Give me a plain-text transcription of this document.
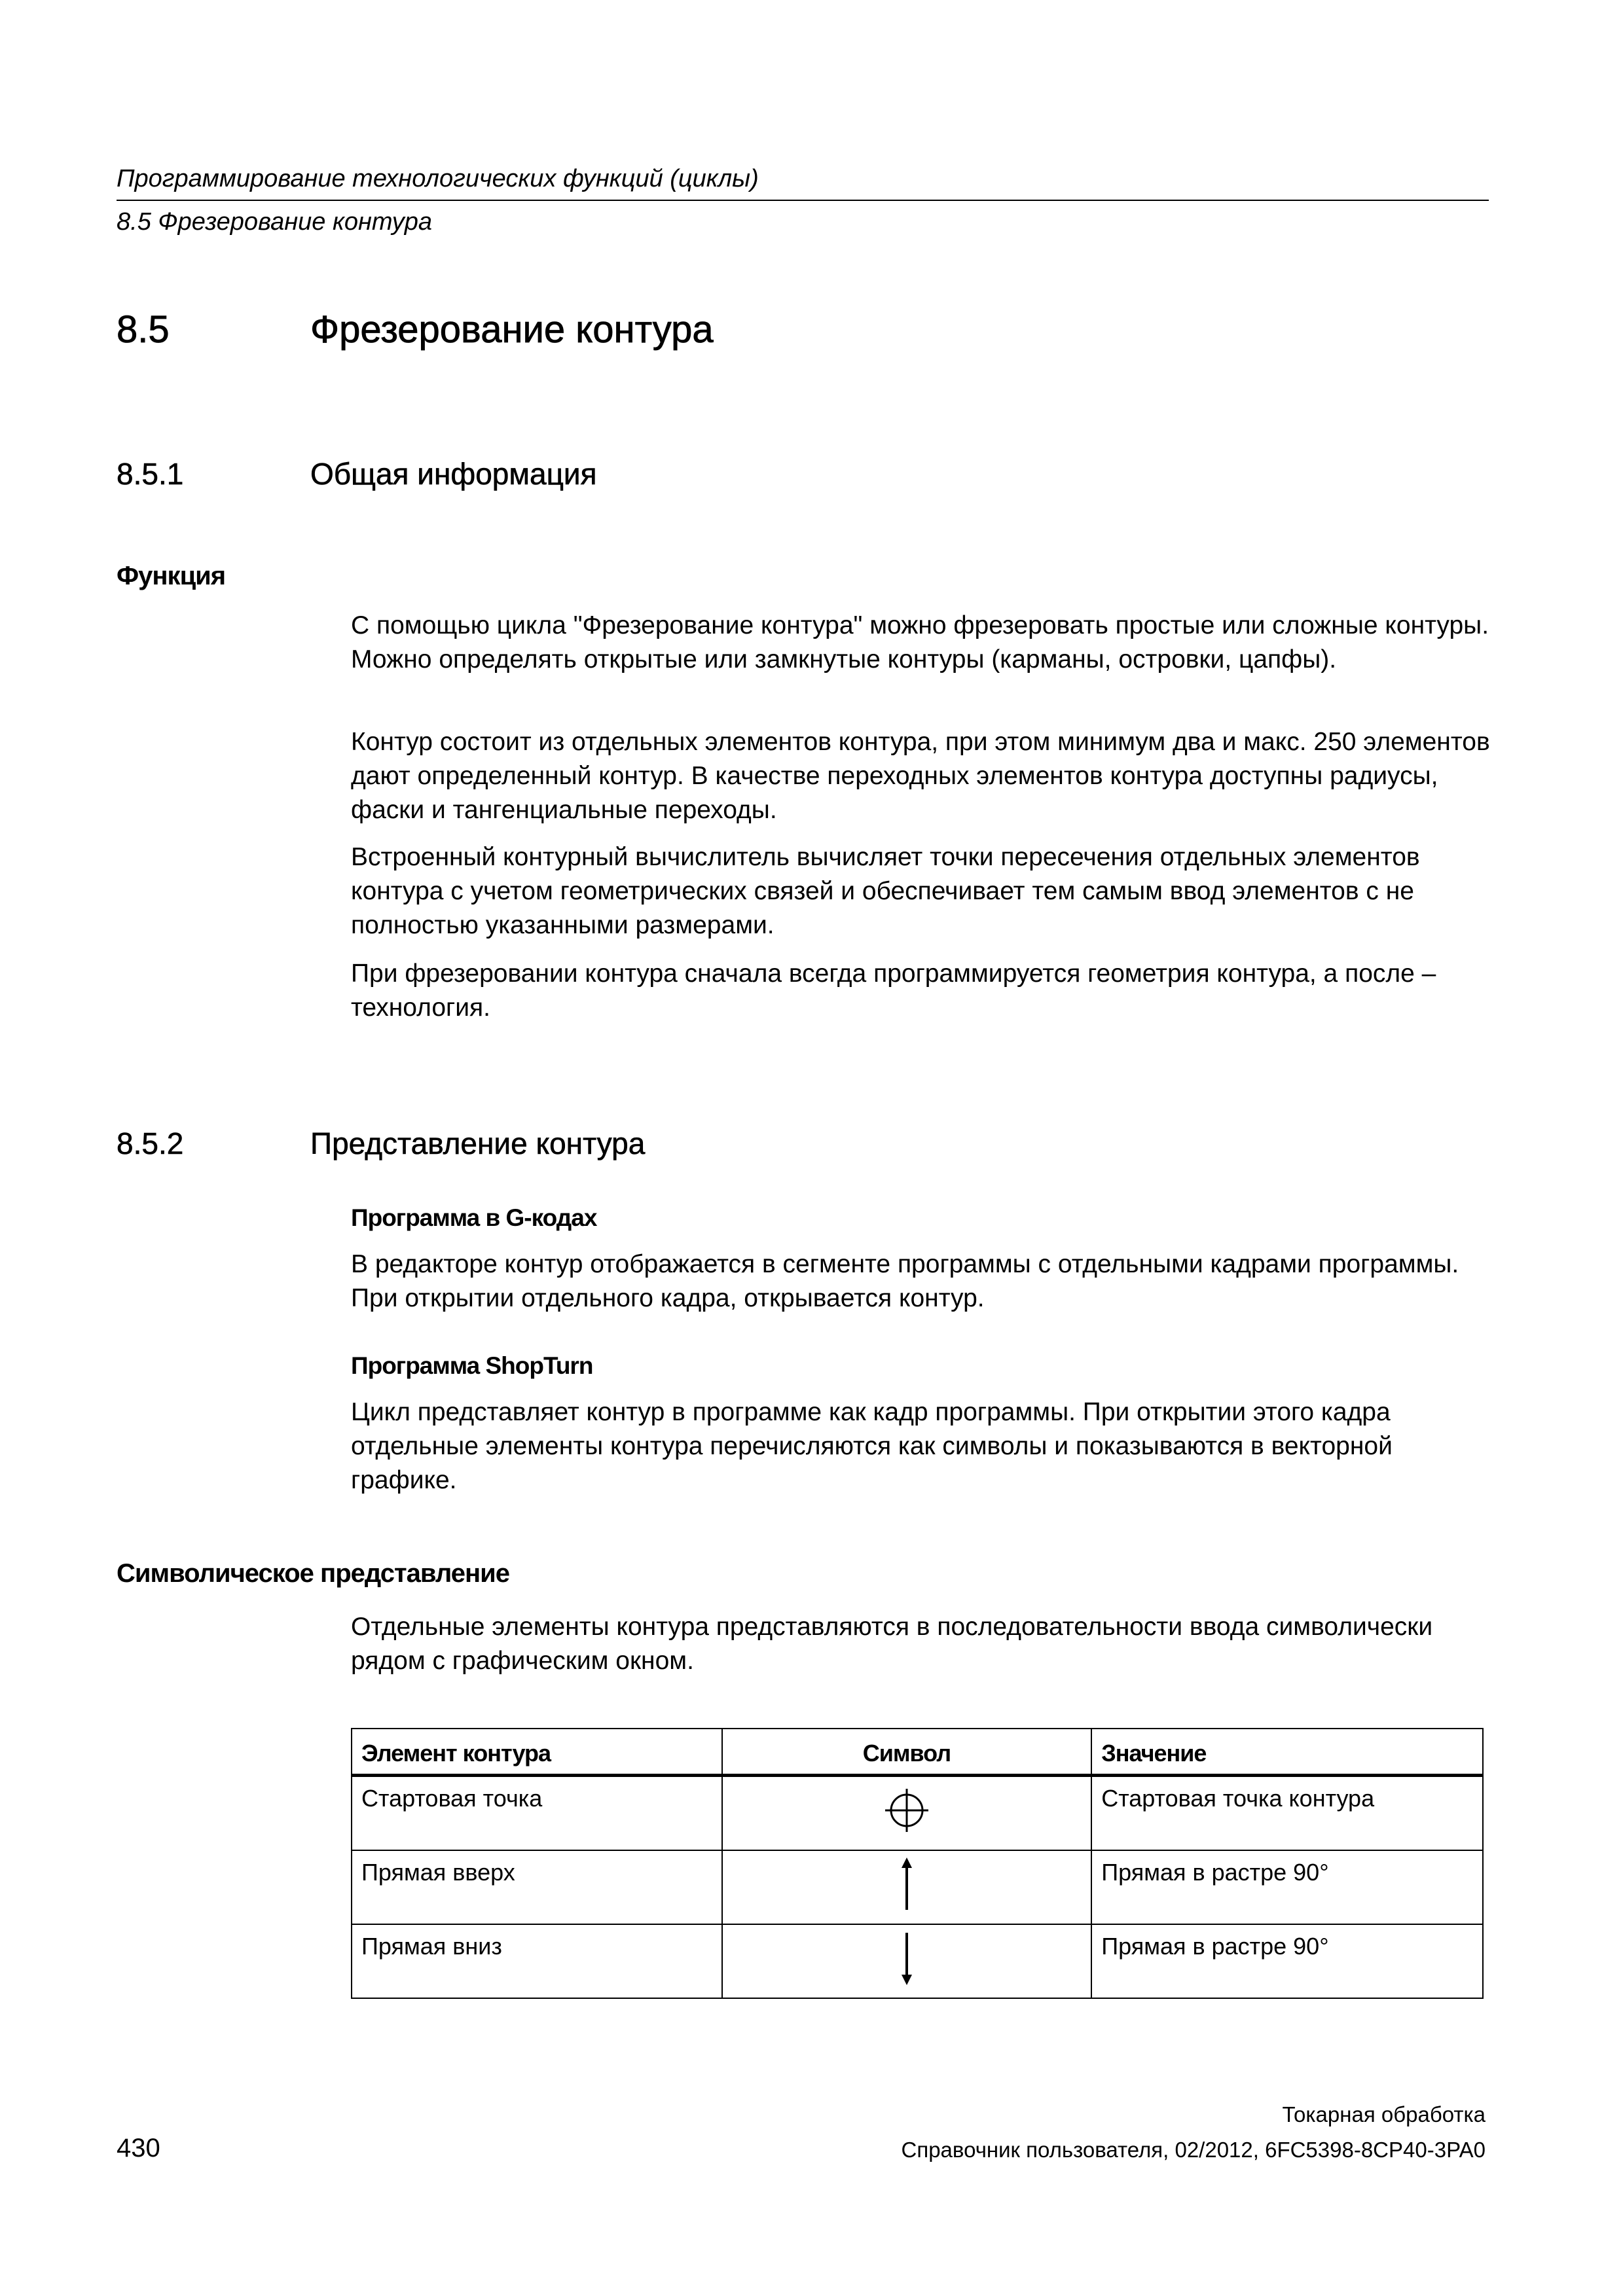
Программирование технологических функций (циклы)
8.5 Фрезерование контура
8.5	Фрезерование контура
8.5.1	Общая информация
Функция

С помощью цикла "Фрезерование контура" можно фрезеровать простые или сложные контуры. Можно определять открытые или замкнутые контуры (карманы, островки, цапфы).

Контур состоит из отдельных элементов контура, при этом минимум два и макс. 250 элементов дают определенный контур. В качестве переходных элементов контура доступны радиусы, фаски и тангенциальные переходы.

Встроенный контурный вычислитель вычисляет точки пересечения отдельных элементов контура с учетом геометрических связей и обеспечивает тем самым ввод элементов с не полностью указанными размерами.

При фрезеровании контура сначала всегда программируется геометрия контура, а после – технология.

8.5.2	Представление контура
Программа в G-кодах

В редакторе контур отображается в сегменте программы с отдельными кадрами программы. При открытии отдельного кадра, открывается контур.

Программа ShopTurn

Цикл представляет контур в программе как кадр программы. При открытии этого кадра отдельные элементы контура перечисляются как символы и показываются в векторной графике.

Символическое представление

Отдельные элементы контура представляются в последовательности ввода символически рядом с графическим окном.

Элемент контура	Символ	Значение
Стартовая точка		Стартовая точка контура
Прямая вверх		Прямая в растре 90°
Прямая вниз		Прямая в растре 90°
Токарная обработка
430	Справочник пользователя, 02/2012, 6FC5398-8CP40-3PA0
